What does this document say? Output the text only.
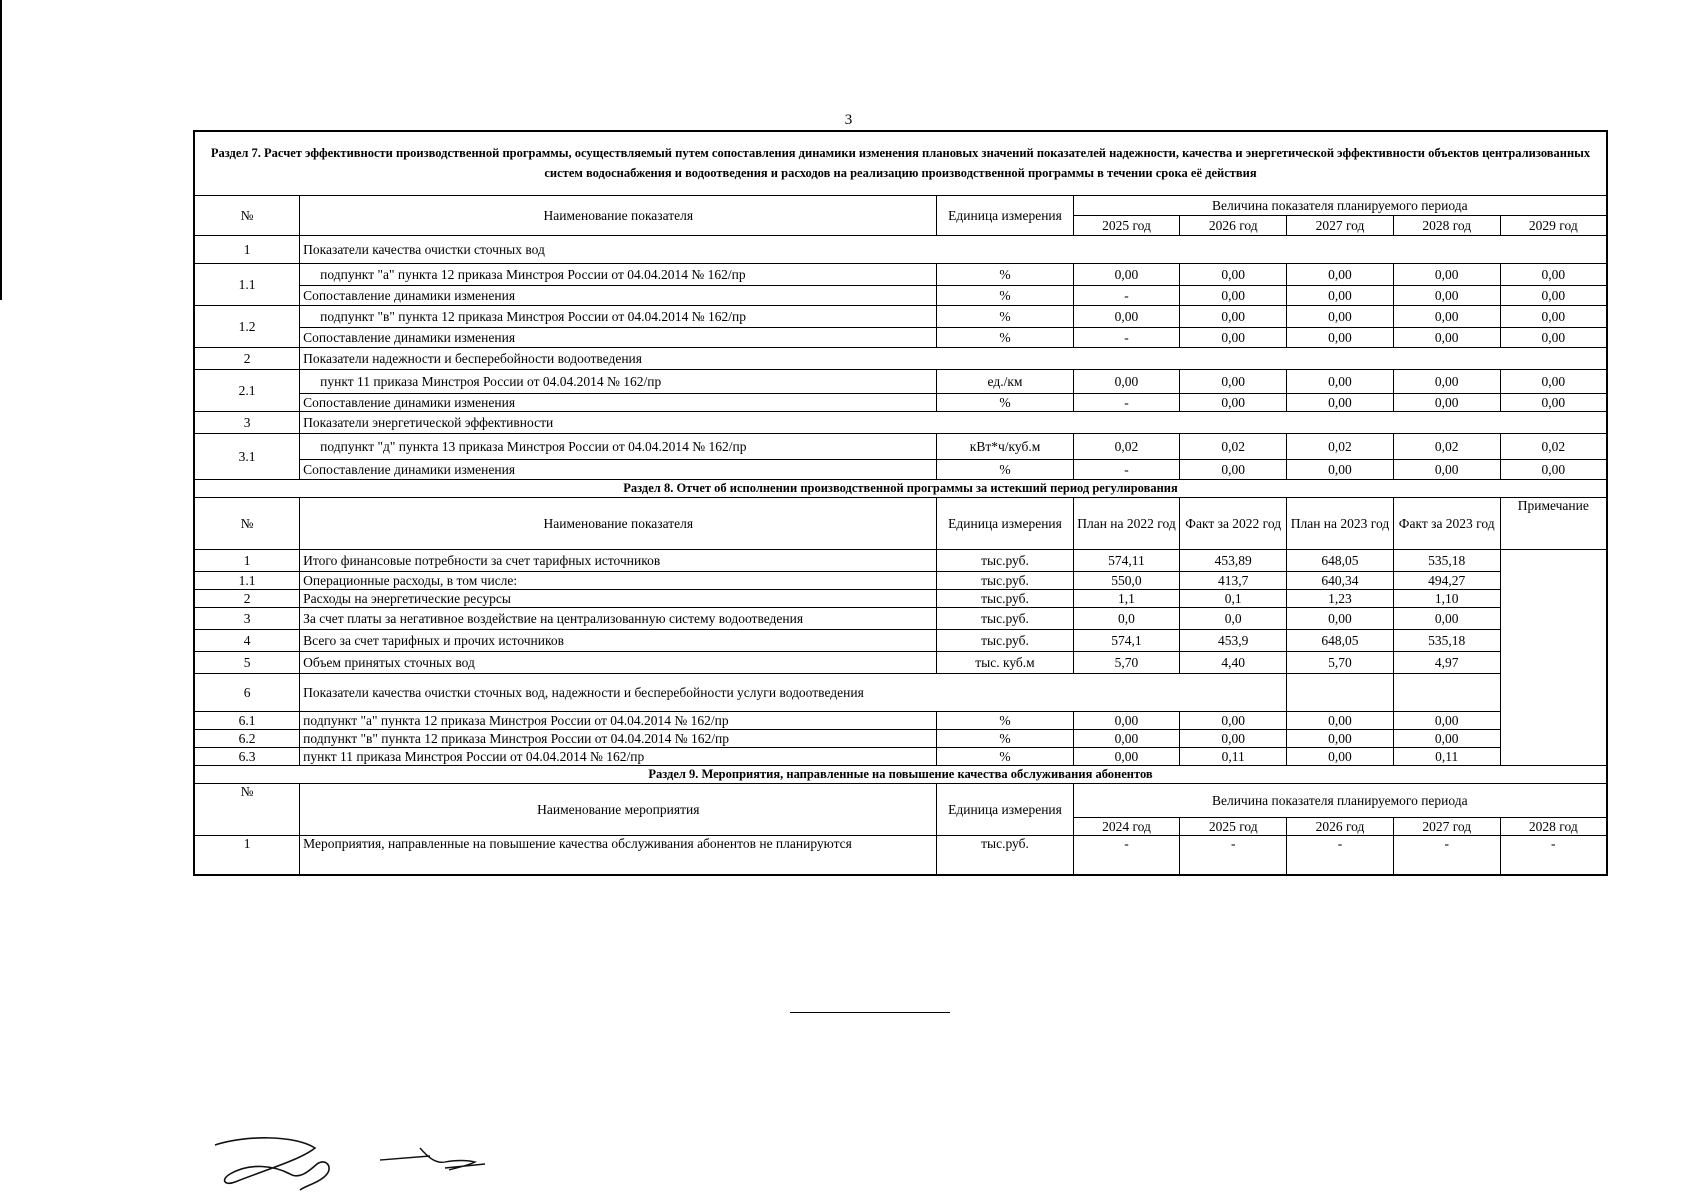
3
Раздел 7. Расчет эффективности производственной программы, осуществляемый путем сопоставления динамики изменения плановых значений показателей надежности, качества и энергетической эффективности объектов централизованных систем водоснабжения и водоотведения и расходов на реализацию производственной программы в течении срока её действия							
№	Наименование показателя	Единица измерения	Величина показателя планируемого периода				
			2025 год	2026 год	2027 год	2028 год	2029 год
1	Показатели качества очистки сточных вод						
1.1	подпункт "а" пункта 12 приказа Минстроя России от 04.04.2014 № 162/пр	%	0,00	0,00	0,00	0,00	0,00
	Сопоставление динамики изменения	%	-	0,00	0,00	0,00	0,00
1.2	подпункт "в" пункта 12 приказа Минстроя России от 04.04.2014 № 162/пр	%	0,00	0,00	0,00	0,00	0,00
	Сопоставление динамики изменения	%	-	0,00	0,00	0,00	0,00
2	Показатели надежности и бесперебойности водоотведения						
2.1	пункт 11 приказа Минстроя России от 04.04.2014 № 162/пр	ед./км	0,00	0,00	0,00	0,00	0,00
	Сопоставление динамики изменения	%	-	0,00	0,00	0,00	0,00
3	Показатели энергетической эффективности						
3.1	подпункт "д" пункта 13 приказа Минстроя России от 04.04.2014 № 162/пр	кВт*ч/куб.м	0,02	0,02	0,02	0,02	0,02
	Сопоставление динамики изменения	%	-	0,00	0,00	0,00	0,00
Раздел 8. Отчет об исполнении производственной программы за истекший период регулирования							
№	Наименование показателя	Единица измерения	План на 2022 год	Факт за 2022 год	План на 2023 год	Факт за 2023 год	Примечание
1	Итого финансовые потребности за счет тарифных источников	тыс.руб.	574,11	453,89	648,05	535,18	
1.1	Операционные расходы, в том числе:	тыс.руб.	550,0	413,7	640,34	494,27	
2	Расходы на энергетические ресурсы	тыс.руб.	1,1	0,1	1,23	1,10	
3	За счет платы за негативное воздействие на централизованную систему водоотведения	тыс.руб.	0,0	0,0	0,00	0,00	
4	Всего за счет тарифных и прочих источников	тыс.руб.	574,1	453,9	648,05	535,18	
5	Объем принятых сточных вод	тыс. куб.м	5,70	4,40	5,70	4,97	
6	Показатели качества очистки сточных вод, надежности и бесперебойности услуги водоотведения						
6.1	подпункт "а" пункта 12 приказа Минстроя России от 04.04.2014 № 162/пр	%	0,00	0,00	0,00	0,00	
6.2	подпункт "в" пункта 12 приказа Минстроя России от 04.04.2014 № 162/пр	%	0,00	0,00	0,00	0,00	
6.3	пункт 11 приказа Минстроя России от 04.04.2014 № 162/пр	%	0,00	0,11	0,00	0,11	
Раздел 9. Мероприятия, направленные на повышение качества обслуживания абонентов							
№	Наименование мероприятия	Единица измерения	Величина показателя планируемого периода				
			2024 год	2025 год	2026 год	2027 год	2028 год
1	Мероприятия, направленные на повышение качества обслуживания абонентов не планируются	тыс.руб.	-	-	-	-	-
